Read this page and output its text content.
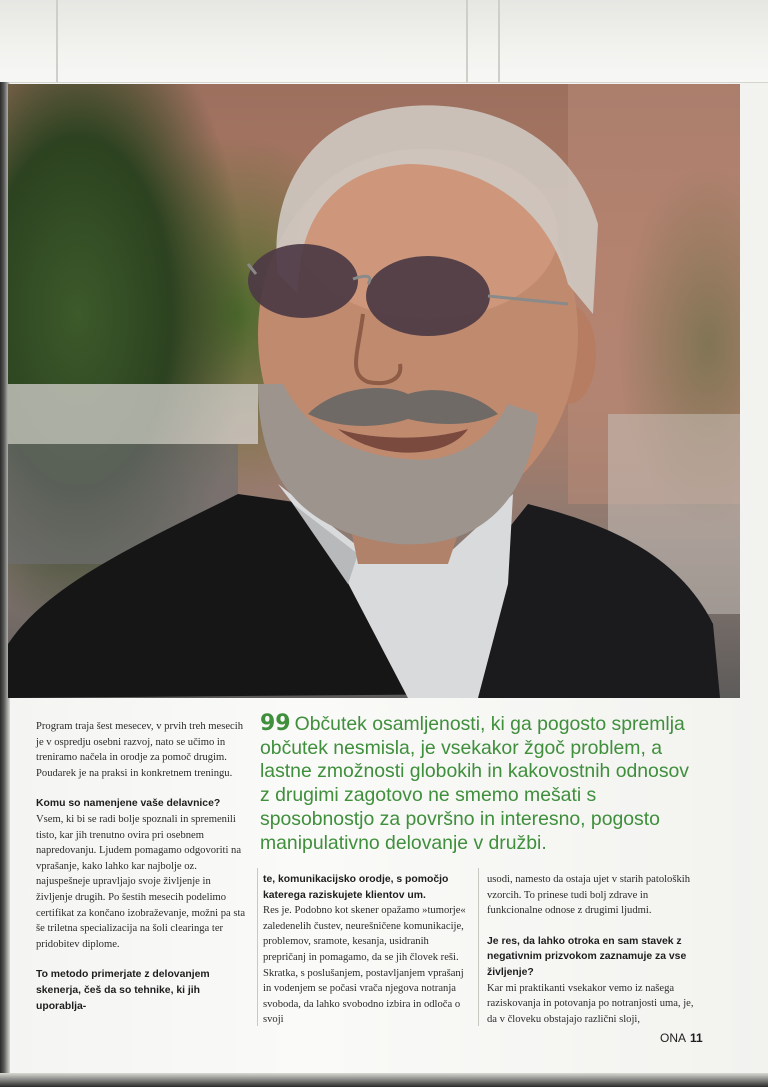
Program traja šest mesecev, v prvih treh mesecih je v ospredju osebni razvoj, nato se učimo in treniramo načela in orodje za pomoč drugim. Poudarek je na praksi in konkretnem treningu.

Komu so namenjene vaše delavnice?

Vsem, ki bi se radi bolje spoznali in spremenili tisto, kar jih trenutno ovira pri osebnem napredovanju. Ljudem pomagamo odgovoriti na vprašanje, kako lahko kar najbolje oz. najuspešneje upravljajo svoje življenje in življenje drugih. Po šestih mesecih podelimo certifikat za končano izobraževanje, možni pa sta še triletna specializacija na šoli clearinga ter pridobitev diplome.

To metodo primerjate z delovanjem skenerja, češ da so tehnike, ki jih uporablja-

99 Občutek osamljenosti, ki ga pogosto spremlja občutek nesmisla, je vsekakor žgoč problem, a lastne zmožnosti globokih in kakovostnih odnosov z drugimi zagotovo ne smemo mešati s sposobnostjo za površno in interesno, pogosto manipulativno delovanje v družbi.

te, komunikacijsko orodje, s pomočjo katerega raziskujete klientov um.

Res je. Podobno kot skener opažamo »tumorje« zaledenelih čustev, neurešničene komunikacije, problemov, sramote, kesanja, usidranih prepričanj in pomagamo, da se jih človek reši. Skratka, s poslušanjem, postavljanjem vprašanj in vodenjem se počasi vrača njegova notranja svoboda, da lahko svobodno izbira in odloča o svoji

usodi, namesto da ostaja ujet v starih patoloških vzorcih. To prinese tudi bolj zdrave in funkcionalne odnose z drugimi ljudmi.

Je res, da lahko otroka en sam stavek z negativnim prizvokom zaznamuje za vse življenje?

Kar mi praktikanti vsekakor vemo iz našega raziskovanja in potovanja po notranjosti uma, je, da v človeku obstajajo različni sloji,

ONA 11
